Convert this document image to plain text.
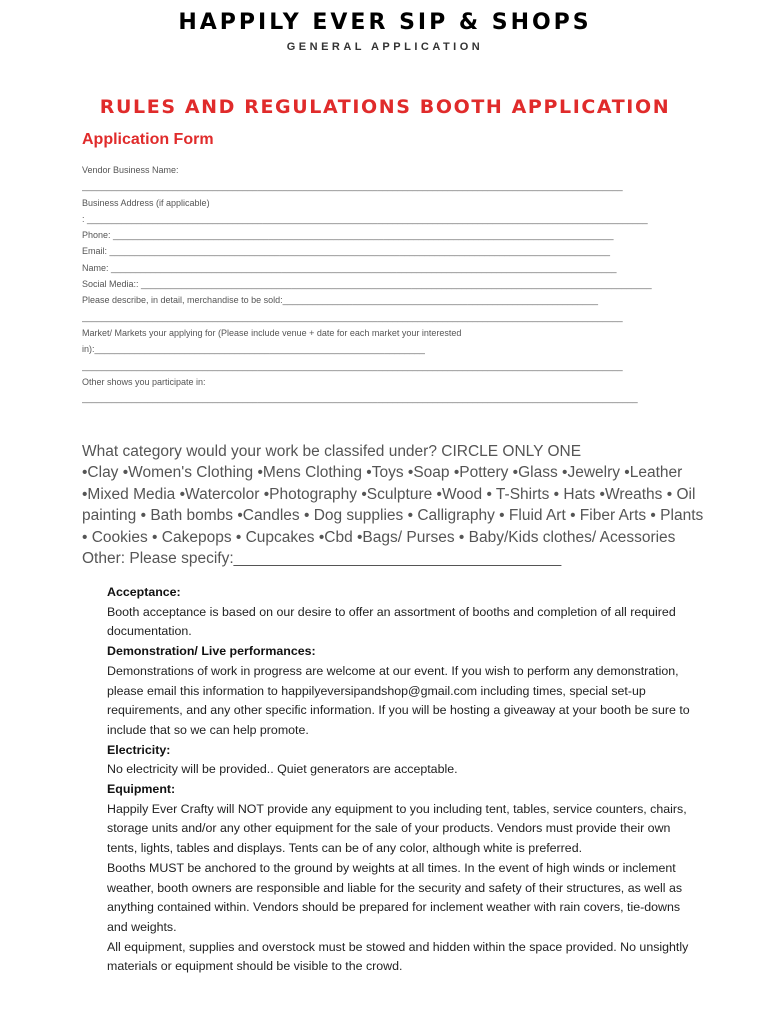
HAPPILY EVER SIP & SHOPS
GENERAL APPLICATION
RULES AND REGULATIONS BOOTH APPLICATION
Application Form
Vendor Business Name:
____________________________________________________________________________________________________________
Business Address (if applicable)
: ________________________________________________________________________________________________________________
Phone: ____________________________________________________________________________________________________
Email: ____________________________________________________________________________________________________
Name: _____________________________________________________________________________________________________
Social Media:: ______________________________________________________________________________________________________
Please describe, in detail, merchandise to be sold:_______________________________________________________________
____________________________________________________________________________________________________________
Market/ Markets your applying for (Please include venue + date for each market your interested
in):__________________________________________________________________
____________________________________________________________________________________________________________
Other shows you participate in:
_______________________________________________________________________________________________________________

What category would your work be classifed under? CIRCLE ONLY ONE

•Clay •Women's Clothing •Mens Clothing •Toys •Soap •Pottery •Glass •Jewelry •Leather

•Mixed Media •Watercolor •Photography •Sculpture •Wood • T-Shirts • Hats •Wreaths • Oil

painting • Bath bombs •Candles • Dog supplies • Calligraphy • Fluid Art • Fiber Arts • Plants

• Cookies • Cakepops • Cupcakes •Cbd •Bags/ Purses • Baby/Kids clothes/ Acessories

Other: Please specify:______________________________________

Acceptance:

Booth acceptance is based on our desire to offer an assortment of booths and completion of all required documentation.

Demonstration/ Live performances:

Demonstrations of work in progress are welcome at our event. If you wish to perform any demonstration, please email this information to happilyeversipandshop@gmail.com including times, special set-up requirements, and any other specific information. If you will be hosting a giveaway at your booth be sure to include that so we can help promote.

Electricity:

No electricity will be provided.. Quiet generators are acceptable.

Equipment:

Happily Ever Crafty will NOT provide any equipment to you including tent, tables, service counters, chairs, storage units and/or any other equipment for the sale of your products. Vendors must provide their own tents, lights, tables and displays. Tents can be of any color, although white is preferred.

Booths MUST be anchored to the ground by weights at all times. In the event of high winds or inclement weather, booth owners are responsible and liable for the security and safety of their structures, as well as anything contained within. Vendors should be prepared for inclement weather with rain covers, tie-downs and weights.

All equipment, supplies and overstock must be stowed and hidden within the space provided. No unsightly materials or equipment should be visible to the crowd.
